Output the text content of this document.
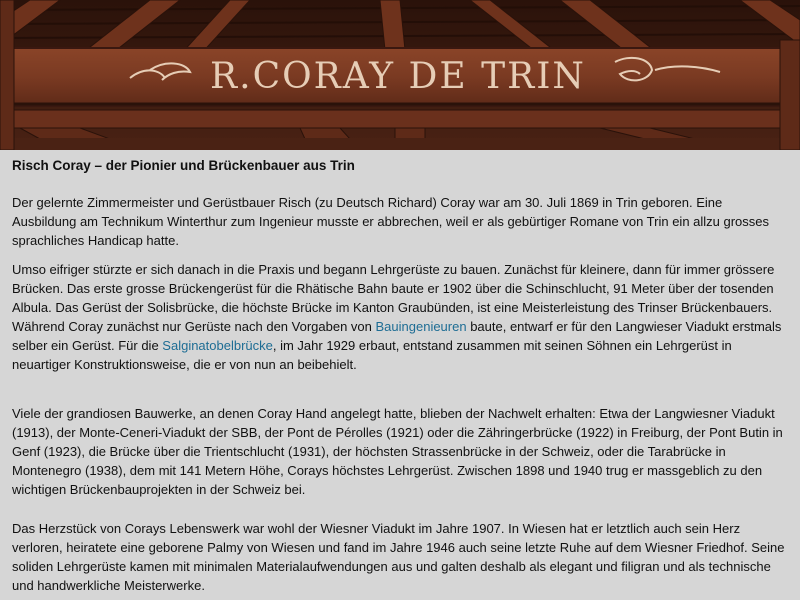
R.CORAY DE TRIN
Risch Coray – der Pionier und Brückenbauer aus Trin

Der gelernte Zimmermeister und Gerüstbauer Risch (zu Deutsch Richard) Coray war am 30. Juli 1869 in Trin geboren. Eine Ausbildung am Technikum Winterthur zum Ingenieur musste er abbrechen, weil er als gebürtiger Romane von Trin ein allzu grosses sprachliches Handicap hatte.

Umso eifriger stürzte er sich danach in die Praxis und begann Lehrgerüste zu bauen. Zunächst für kleinere, dann für immer grössere Brücken. Das erste grosse Brückengerüst für die Rhätische Bahn baute er 1902 über die Schinschlucht, 91 Meter über der tosenden Albula. Das Gerüst der Solisbrücke, die höchste Brücke im Kanton Graubünden, ist eine Meisterleistung des Trinser Brückenbauers. Während Coray zunächst nur Gerüste nach den Vorgaben von Bauingenieuren baute, entwarf er für den Langwieser Viadukt erstmals selber ein Gerüst. Für die Salginatobelbrücke, im Jahr 1929 erbaut, entstand zusammen mit seinen Söhnen ein Lehrgerüst in neuartiger Konstruktionsweise, die er von nun an beibehielt.

Viele der grandiosen Bauwerke, an denen Coray Hand angelegt hatte, blieben der Nachwelt erhalten: Etwa der Langwiesner Viadukt (1913), der Monte-Ceneri-Viadukt der SBB, der Pont de Pérolles (1921) oder die Zähringerbrücke (1922) in Freiburg, der Pont Butin in Genf (1923), die Brücke über die Trientschlucht (1931), der höchsten Strassenbrücke in der Schweiz, oder die Tarabrücke in Montenegro (1938), dem mit 141 Metern Höhe, Corays höchstes Lehrgerüst. Zwischen 1898 und 1940 trug er massgeblich zu den wichtigen Brückenbauprojekten in der Schweiz bei.

Das Herzstück von Corays Lebenswerk war wohl der Wiesner Viadukt im Jahre 1907. In Wiesen hat er letztlich auch sein Herz verloren, heiratete eine geborene Palmy von Wiesen und fand im Jahre 1946 auch seine letzte Ruhe auf dem Wiesner Friedhof. Seine soliden Lehrgerüste kamen mit minimalen Materialaufwendungen aus und galten deshalb als elegant und filigran und als technische und handwerkliche Meisterwerke.
